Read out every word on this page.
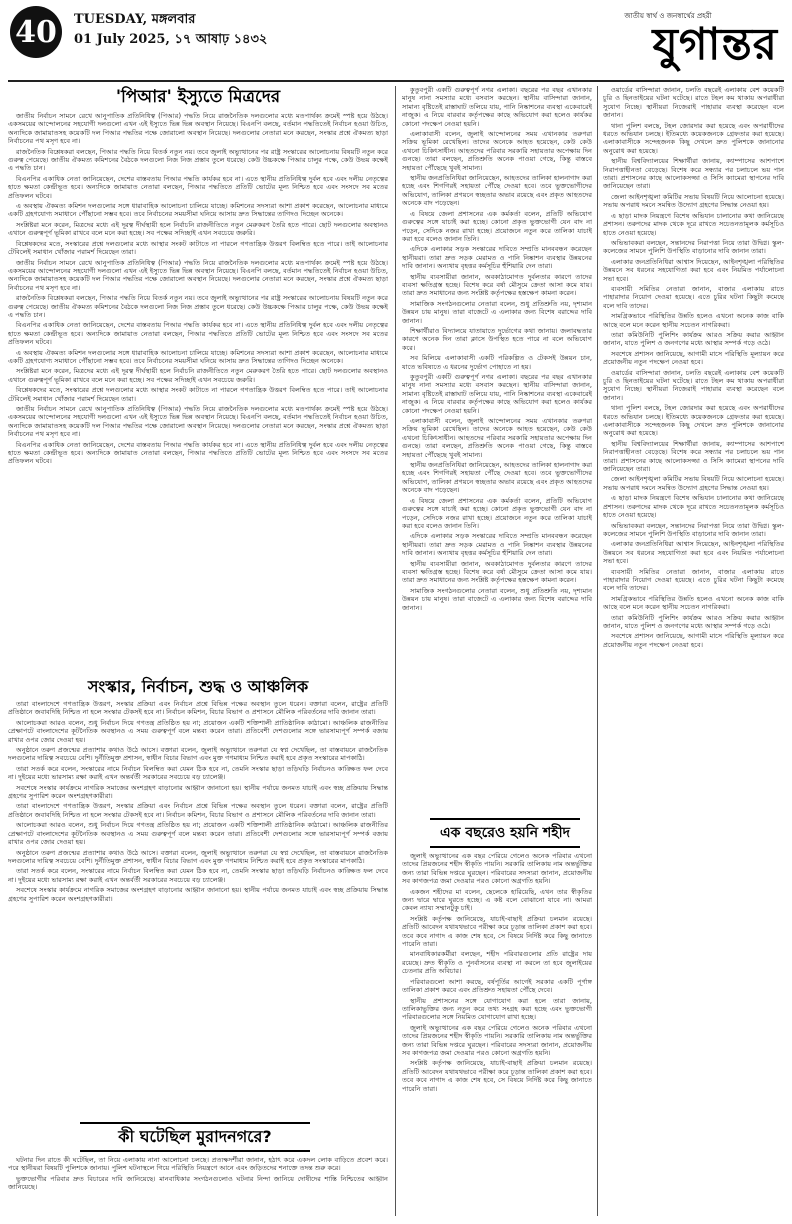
40	TUESDAY, মঙ্গলবার
01 July 2025, ১৭ আষাঢ় ১৪৩২
জাতীয় স্বার্থ ও জনস্বার্থের প্রহরী
যুগান্তর
'পিআর' ইস্যুতে মিত্রদের

জাতীয় নির্বাচন সামনে রেখে আনুপাতিক প্রতিনিধিত্ব (পিআর) পদ্ধতি নিয়ে রাজনৈতিক দলগুলোর মধ্যে মতপার্থক্য ক্রমেই স্পষ্ট হয়ে উঠছে। একসময়ের আন্দোলনের সহযোগী দলগুলো এখন এই ইস্যুতে ভিন্ন ভিন্ন অবস্থান নিয়েছে। বিএনপি বলছে, বর্তমান পদ্ধতিতেই নির্বাচন হওয়া উচিত, অন্যদিকে জামায়াতসহ কয়েকটি দল পিআর পদ্ধতির পক্ষে জোরালো অবস্থান নিয়েছে। দলগুলোর নেতারা মনে করছেন, সংস্কার প্রশ্নে ঐকমত্য ছাড়া নির্বাচনের পথ মসৃণ হবে না।

রাজনৈতিক বিশ্লেষকরা বলছেন, পিআর পদ্ধতি নিয়ে বিতর্ক নতুন নয়। তবে জুলাই অভ্যুত্থানের পর রাষ্ট্র সংস্কারের আলোচনায় বিষয়টি নতুন করে গুরুত্ব পেয়েছে। জাতীয় ঐকমত্য কমিশনের বৈঠকে দলগুলো নিজ নিজ প্রস্তাব তুলে ধরেছে। কেউ উচ্চকক্ষে পিআর চালুর পক্ষে, কেউ উভয় কক্ষেই এ পদ্ধতি চান।

বিএনপির একাধিক নেতা জানিয়েছেন, দেশের বাস্তবতায় পিআর পদ্ধতি কার্যকর হবে না। এতে স্থানীয় প্রতিনিধিত্ব দুর্বল হবে এবং দলীয় নেতৃত্বের হাতে ক্ষমতা কেন্দ্রীভূত হবে। অন্যদিকে জামায়াত নেতারা বলছেন, পিআর পদ্ধতিতে প্রতিটি ভোটের মূল্য নিশ্চিত হবে এবং সংসদে সব মতের প্রতিফলন ঘটবে।

এ অবস্থায় ঐকমত্য কমিশন দলগুলোর সঙ্গে ধারাবাহিক আলোচনা চালিয়ে যাচ্ছে। কমিশনের সদস্যরা আশা প্রকাশ করেছেন, আলোচনার মাধ্যমে একটি গ্রহণযোগ্য সমাধানে পৌঁছানো সম্ভব হবে। তবে নির্বাচনের সময়সীমা ঘনিয়ে আসায় দ্রুত সিদ্ধান্তের তাগিদও দিচ্ছেন অনেকে।

সংশ্লিষ্টরা মনে করেন, মিত্রদের মধ্যে এই দূরত্ব দীর্ঘস্থায়ী হলে নির্বাচনি রাজনীতিতে নতুন মেরুকরণ তৈরি হতে পারে। ছোট দলগুলোর অবস্থানও এখানে গুরুত্বপূর্ণ ভূমিকা রাখবে বলে মনে করা হচ্ছে। সব পক্ষের সদিচ্ছাই এখন সবচেয়ে জরুরি।

বিশ্লেষকদের মতে, সংস্কারের প্রশ্নে দলগুলোর মধ্যে আস্থার সংকট কাটাতে না পারলে গণতান্ত্রিক উত্তরণ বিলম্বিত হতে পারে। তাই আলোচনার টেবিলেই সমাধান খোঁজার পরামর্শ দিয়েছেন তারা।

জাতীয় নির্বাচন সামনে রেখে আনুপাতিক প্রতিনিধিত্ব (পিআর) পদ্ধতি নিয়ে রাজনৈতিক দলগুলোর মধ্যে মতপার্থক্য ক্রমেই স্পষ্ট হয়ে উঠছে। একসময়ের আন্দোলনের সহযোগী দলগুলো এখন এই ইস্যুতে ভিন্ন ভিন্ন অবস্থান নিয়েছে। বিএনপি বলছে, বর্তমান পদ্ধতিতেই নির্বাচন হওয়া উচিত, অন্যদিকে জামায়াতসহ কয়েকটি দল পিআর পদ্ধতির পক্ষে জোরালো অবস্থান নিয়েছে। দলগুলোর নেতারা মনে করছেন, সংস্কার প্রশ্নে ঐকমত্য ছাড়া নির্বাচনের পথ মসৃণ হবে না।

রাজনৈতিক বিশ্লেষকরা বলছেন, পিআর পদ্ধতি নিয়ে বিতর্ক নতুন নয়। তবে জুলাই অভ্যুত্থানের পর রাষ্ট্র সংস্কারের আলোচনায় বিষয়টি নতুন করে গুরুত্ব পেয়েছে। জাতীয় ঐকমত্য কমিশনের বৈঠকে দলগুলো নিজ নিজ প্রস্তাব তুলে ধরেছে। কেউ উচ্চকক্ষে পিআর চালুর পক্ষে, কেউ উভয় কক্ষেই এ পদ্ধতি চান।

বিএনপির একাধিক নেতা জানিয়েছেন, দেশের বাস্তবতায় পিআর পদ্ধতি কার্যকর হবে না। এতে স্থানীয় প্রতিনিধিত্ব দুর্বল হবে এবং দলীয় নেতৃত্বের হাতে ক্ষমতা কেন্দ্রীভূত হবে। অন্যদিকে জামায়াত নেতারা বলছেন, পিআর পদ্ধতিতে প্রতিটি ভোটের মূল্য নিশ্চিত হবে এবং সংসদে সব মতের প্রতিফলন ঘটবে।

এ অবস্থায় ঐকমত্য কমিশন দলগুলোর সঙ্গে ধারাবাহিক আলোচনা চালিয়ে যাচ্ছে। কমিশনের সদস্যরা আশা প্রকাশ করেছেন, আলোচনার মাধ্যমে একটি গ্রহণযোগ্য সমাধানে পৌঁছানো সম্ভব হবে। তবে নির্বাচনের সময়সীমা ঘনিয়ে আসায় দ্রুত সিদ্ধান্তের তাগিদও দিচ্ছেন অনেকে।

সংশ্লিষ্টরা মনে করেন, মিত্রদের মধ্যে এই দূরত্ব দীর্ঘস্থায়ী হলে নির্বাচনি রাজনীতিতে নতুন মেরুকরণ তৈরি হতে পারে। ছোট দলগুলোর অবস্থানও এখানে গুরুত্বপূর্ণ ভূমিকা রাখবে বলে মনে করা হচ্ছে। সব পক্ষের সদিচ্ছাই এখন সবচেয়ে জরুরি।

বিশ্লেষকদের মতে, সংস্কারের প্রশ্নে দলগুলোর মধ্যে আস্থার সংকট কাটাতে না পারলে গণতান্ত্রিক উত্তরণ বিলম্বিত হতে পারে। তাই আলোচনার টেবিলেই সমাধান খোঁজার পরামর্শ দিয়েছেন তারা।

জাতীয় নির্বাচন সামনে রেখে আনুপাতিক প্রতিনিধিত্ব (পিআর) পদ্ধতি নিয়ে রাজনৈতিক দলগুলোর মধ্যে মতপার্থক্য ক্রমেই স্পষ্ট হয়ে উঠছে। একসময়ের আন্দোলনের সহযোগী দলগুলো এখন এই ইস্যুতে ভিন্ন ভিন্ন অবস্থান নিয়েছে। বিএনপি বলছে, বর্তমান পদ্ধতিতেই নির্বাচন হওয়া উচিত, অন্যদিকে জামায়াতসহ কয়েকটি দল পিআর পদ্ধতির পক্ষে জোরালো অবস্থান নিয়েছে। দলগুলোর নেতারা মনে করছেন, সংস্কার প্রশ্নে ঐকমত্য ছাড়া নির্বাচনের পথ মসৃণ হবে না।

বিএনপির একাধিক নেতা জানিয়েছেন, দেশের বাস্তবতায় পিআর পদ্ধতি কার্যকর হবে না। এতে স্থানীয় প্রতিনিধিত্ব দুর্বল হবে এবং দলীয় নেতৃত্বের হাতে ক্ষমতা কেন্দ্রীভূত হবে। অন্যদিকে জামায়াত নেতারা বলছেন, পিআর পদ্ধতিতে প্রতিটি ভোটের মূল্য নিশ্চিত হবে এবং সংসদে সব মতের প্রতিফলন ঘটবে।

সংস্কার, নির্বাচন, শুদ্ধ ও আঞ্চলিক

তারা বাংলাদেশে গণতান্ত্রিক উত্তরণ, সংস্কার প্রক্রিয়া এবং নির্বাচন প্রশ্নে বিভিন্ন পক্ষের অবস্থান তুলে ধরেন। বক্তারা বলেন, রাষ্ট্রের প্রতিটি প্রতিষ্ঠানে জবাবদিহি নিশ্চিত না হলে সংস্কার টেকসই হবে না। নির্বাচন কমিশন, বিচার বিভাগ ও প্রশাসনে মৌলিক পরিবর্তনের দাবি জানান তারা।

আলোচকরা আরও বলেন, শুধু নির্বাচন দিয়ে গণতন্ত্র প্রতিষ্ঠিত হয় না; প্রয়োজন একটি শক্তিশালী প্রাতিষ্ঠানিক কাঠামো। আঞ্চলিক রাজনীতির প্রেক্ষাপটে বাংলাদেশের কূটনৈতিক অবস্থানও এ সময় গুরুত্বপূর্ণ বলে মন্তব্য করেন তারা। প্রতিবেশী দেশগুলোর সঙ্গে ভারসাম্যপূর্ণ সম্পর্ক বজায় রাখার ওপর জোর দেওয়া হয়।

অনুষ্ঠানে তরুণ প্রজন্মের প্রত্যাশার কথাও উঠে আসে। বক্তারা বলেন, জুলাই অভ্যুত্থানে তরুণরা যে স্বপ্ন দেখেছিল, তা বাস্তবায়নে রাজনৈতিক দলগুলোর দায়িত্ব সবচেয়ে বেশি। দুর্নীতিমুক্ত প্রশাসন, স্বাধীন বিচার বিভাগ এবং মুক্ত গণমাধ্যম নিশ্চিত করাই হবে প্রকৃত সংস্কারের মাপকাঠি।

তারা সতর্ক করে বলেন, সংস্কারের নামে নির্বাচন বিলম্বিত করা যেমন ঠিক হবে না, তেমনি সংস্কার ছাড়া তড়িঘড়ি নির্বাচনও কাঙ্ক্ষিত ফল দেবে না। দুইয়ের মধ্যে ভারসাম্য রক্ষা করাই এখন অন্তর্বর্তী সরকারের সবচেয়ে বড় চ্যালেঞ্জ।

সবশেষে সংস্কার কার্যক্রমে নাগরিক সমাজের অংশগ্রহণ বাড়ানোর আহ্বান জানানো হয়। স্থানীয় পর্যায়ে জনমত যাচাই এবং স্বচ্ছ প্রক্রিয়ায় সিদ্ধান্ত গ্রহণের সুপারিশ করেন অংশগ্রহণকারীরা।

তারা বাংলাদেশে গণতান্ত্রিক উত্তরণ, সংস্কার প্রক্রিয়া এবং নির্বাচন প্রশ্নে বিভিন্ন পক্ষের অবস্থান তুলে ধরেন। বক্তারা বলেন, রাষ্ট্রের প্রতিটি প্রতিষ্ঠানে জবাবদিহি নিশ্চিত না হলে সংস্কার টেকসই হবে না। নির্বাচন কমিশন, বিচার বিভাগ ও প্রশাসনে মৌলিক পরিবর্তনের দাবি জানান তারা।

আলোচকরা আরও বলেন, শুধু নির্বাচন দিয়ে গণতন্ত্র প্রতিষ্ঠিত হয় না; প্রয়োজন একটি শক্তিশালী প্রাতিষ্ঠানিক কাঠামো। আঞ্চলিক রাজনীতির প্রেক্ষাপটে বাংলাদেশের কূটনৈতিক অবস্থানও এ সময় গুরুত্বপূর্ণ বলে মন্তব্য করেন তারা। প্রতিবেশী দেশগুলোর সঙ্গে ভারসাম্যপূর্ণ সম্পর্ক বজায় রাখার ওপর জোর দেওয়া হয়।

অনুষ্ঠানে তরুণ প্রজন্মের প্রত্যাশার কথাও উঠে আসে। বক্তারা বলেন, জুলাই অভ্যুত্থানে তরুণরা যে স্বপ্ন দেখেছিল, তা বাস্তবায়নে রাজনৈতিক দলগুলোর দায়িত্ব সবচেয়ে বেশি। দুর্নীতিমুক্ত প্রশাসন, স্বাধীন বিচার বিভাগ এবং মুক্ত গণমাধ্যম নিশ্চিত করাই হবে প্রকৃত সংস্কারের মাপকাঠি।

তারা সতর্ক করে বলেন, সংস্কারের নামে নির্বাচন বিলম্বিত করা যেমন ঠিক হবে না, তেমনি সংস্কার ছাড়া তড়িঘড়ি নির্বাচনও কাঙ্ক্ষিত ফল দেবে না। দুইয়ের মধ্যে ভারসাম্য রক্ষা করাই এখন অন্তর্বর্তী সরকারের সবচেয়ে বড় চ্যালেঞ্জ।

সবশেষে সংস্কার কার্যক্রমে নাগরিক সমাজের অংশগ্রহণ বাড়ানোর আহ্বান জানানো হয়। স্থানীয় পর্যায়ে জনমত যাচাই এবং স্বচ্ছ প্রক্রিয়ায় সিদ্ধান্ত গ্রহণের সুপারিশ করেন অংশগ্রহণকারীরা।

কী ঘটেছিল মুরাদনগরে?

ঘটনার দিন রাতে কী ঘটেছিল, তা নিয়ে এলাকায় নানা আলোচনা চলছে। প্রত্যক্ষদর্শীরা জানান, হঠাৎ করে একদল লোক বাড়িতে প্রবেশ করে। পরে স্থানীয়রা বিষয়টি পুলিশকে জানায়। পুলিশ ঘটনাস্থলে গিয়ে পরিস্থিতি নিয়ন্ত্রণে আনে এবং জড়িতদের শনাক্তে তদন্ত শুরু করে।

ভুক্তভোগীর পরিবার দ্রুত বিচারের দাবি জানিয়েছে। মানবাধিকার সংগঠনগুলোও ঘটনার নিন্দা জানিয়ে দোষীদের শাস্তি নিশ্চিতের আহ্বান জানিয়েছে।

কুতুবপুরী একটি গুরুত্বপূর্ণ নগর এলাকা। বছরের পর বছর এখানকার মানুষ নানা সমস্যার মধ্যে বসবাস করছেন। স্থানীয় বাসিন্দারা জানান, সামান্য বৃষ্টিতেই রাস্তাঘাট তলিয়ে যায়, পানি নিষ্কাশনের ব্যবস্থা একেবারেই নাজুক। এ নিয়ে বারবার কর্তৃপক্ষের কাছে অভিযোগ করা হলেও কার্যকর কোনো পদক্ষেপ নেওয়া হয়নি।

এলাকাবাসী বলেন, জুলাই আন্দোলনের সময় এখানকার তরুণরা সক্রিয় ভূমিকা রেখেছিল। তাদের অনেকে আহত হয়েছেন, কেউ কেউ এখনো চিকিৎসাধীন। আহতদের পরিবার সরকারি সহায়তার অপেক্ষায় দিন গুনছে। তারা বলছেন, প্রতিশ্রুতি অনেক পাওয়া গেছে, কিন্তু বাস্তবে সহায়তা পৌঁছেছে খুবই সামান্য।

স্থানীয় জনপ্রতিনিধিরা জানিয়েছেন, আহতদের তালিকা হালনাগাদ করা হচ্ছে এবং শিগগিরই সহায়তা পৌঁছে দেওয়া হবে। তবে ভুক্তভোগীদের অভিযোগ, তালিকা প্রণয়নে স্বচ্ছতার অভাব রয়েছে এবং প্রকৃত আহতদের অনেকে বাদ পড়েছেন।

এ বিষয়ে জেলা প্রশাসনের এক কর্মকর্তা বলেন, প্রতিটি অভিযোগ গুরুত্বের সঙ্গে যাচাই করা হচ্ছে। কোনো প্রকৃত ভুক্তভোগী যেন বাদ না পড়েন, সেদিকে নজর রাখা হচ্ছে। প্রয়োজনে নতুন করে তালিকা যাচাই করা হবে বলেও জানান তিনি।

এদিকে এলাকার সড়ক সংস্কারের দাবিতে সম্প্রতি মানববন্ধন করেছেন স্থানীয়রা। তারা দ্রুত সড়ক মেরামত ও পানি নিষ্কাশন ব্যবস্থার উন্নয়নের দাবি জানান। অন্যথায় বৃহত্তর কর্মসূচির হুঁশিয়ারি দেন তারা।

স্থানীয় ব্যবসায়ীরা জানান, অবকাঠামোগত দুর্বলতার কারণে তাদের ব্যবসা ক্ষতিগ্রস্ত হচ্ছে। বিশেষ করে বর্ষা মৌসুমে ক্রেতা আসা কমে যায়। তারা দ্রুত সমাধানের জন্য সংশ্লিষ্ট কর্তৃপক্ষের হস্তক্ষেপ কামনা করেন।

সামাজিক সংগঠনগুলোর নেতারা বলেন, শুধু প্রতিশ্রুতি নয়, দৃশ্যমান উন্নয়ন চায় মানুষ। তারা বাজেটে এ এলাকার জন্য বিশেষ বরাদ্দের দাবি জানান।

শিক্ষার্থীরাও বিদ্যালয়ে যাতায়াতে দুর্ভোগের কথা জানায়। জলাবদ্ধতার কারণে অনেক দিন তারা ক্লাসে উপস্থিত হতে পারে না বলে অভিযোগ করে।

সব মিলিয়ে এলাকাবাসী একটি পরিকল্পিত ও টেকসই উন্নয়ন চান, যাতে ভবিষ্যতে এ ধরনের দুর্ভোগ পোহাতে না হয়।

কুতুবপুরী একটি গুরুত্বপূর্ণ নগর এলাকা। বছরের পর বছর এখানকার মানুষ নানা সমস্যার মধ্যে বসবাস করছেন। স্থানীয় বাসিন্দারা জানান, সামান্য বৃষ্টিতেই রাস্তাঘাট তলিয়ে যায়, পানি নিষ্কাশনের ব্যবস্থা একেবারেই নাজুক। এ নিয়ে বারবার কর্তৃপক্ষের কাছে অভিযোগ করা হলেও কার্যকর কোনো পদক্ষেপ নেওয়া হয়নি।

এলাকাবাসী বলেন, জুলাই আন্দোলনের সময় এখানকার তরুণরা সক্রিয় ভূমিকা রেখেছিল। তাদের অনেকে আহত হয়েছেন, কেউ কেউ এখনো চিকিৎসাধীন। আহতদের পরিবার সরকারি সহায়তার অপেক্ষায় দিন গুনছে। তারা বলছেন, প্রতিশ্রুতি অনেক পাওয়া গেছে, কিন্তু বাস্তবে সহায়তা পৌঁছেছে খুবই সামান্য।

স্থানীয় জনপ্রতিনিধিরা জানিয়েছেন, আহতদের তালিকা হালনাগাদ করা হচ্ছে এবং শিগগিরই সহায়তা পৌঁছে দেওয়া হবে। তবে ভুক্তভোগীদের অভিযোগ, তালিকা প্রণয়নে স্বচ্ছতার অভাব রয়েছে এবং প্রকৃত আহতদের অনেকে বাদ পড়েছেন।

এ বিষয়ে জেলা প্রশাসনের এক কর্মকর্তা বলেন, প্রতিটি অভিযোগ গুরুত্বের সঙ্গে যাচাই করা হচ্ছে। কোনো প্রকৃত ভুক্তভোগী যেন বাদ না পড়েন, সেদিকে নজর রাখা হচ্ছে। প্রয়োজনে নতুন করে তালিকা যাচাই করা হবে বলেও জানান তিনি।

এদিকে এলাকার সড়ক সংস্কারের দাবিতে সম্প্রতি মানববন্ধন করেছেন স্থানীয়রা। তারা দ্রুত সড়ক মেরামত ও পানি নিষ্কাশন ব্যবস্থার উন্নয়নের দাবি জানান। অন্যথায় বৃহত্তর কর্মসূচির হুঁশিয়ারি দেন তারা।

স্থানীয় ব্যবসায়ীরা জানান, অবকাঠামোগত দুর্বলতার কারণে তাদের ব্যবসা ক্ষতিগ্রস্ত হচ্ছে। বিশেষ করে বর্ষা মৌসুমে ক্রেতা আসা কমে যায়। তারা দ্রুত সমাধানের জন্য সংশ্লিষ্ট কর্তৃপক্ষের হস্তক্ষেপ কামনা করেন।

সামাজিক সংগঠনগুলোর নেতারা বলেন, শুধু প্রতিশ্রুতি নয়, দৃশ্যমান উন্নয়ন চায় মানুষ। তারা বাজেটে এ এলাকার জন্য বিশেষ বরাদ্দের দাবি জানান।

এক বছরেও হয়নি শহীদ

জুলাই অভ্যুত্থানের এক বছর পেরিয়ে গেলেও অনেক পরিবার এখনো তাদের প্রিয়জনের শহীদ স্বীকৃতি পায়নি। সরকারি তালিকায় নাম অন্তর্ভুক্তির জন্য তারা বিভিন্ন দপ্তরে ঘুরছেন। পরিবারের সদস্যরা জানান, প্রয়োজনীয় সব কাগজপত্র জমা দেওয়ার পরও কোনো অগ্রগতি হয়নি।

একজন শহীদের মা বলেন, ছেলেকে হারিয়েছি, এখন তার স্বীকৃতির জন্য দ্বারে দ্বারে ঘুরতে হচ্ছে। এ কষ্ট বলে বোঝানো যাবে না। আমরা কেবল ন্যায্য সম্মানটুকু চাই।

সংশ্লিষ্ট কর্তৃপক্ষ জানিয়েছে, যাচাই-বাছাই প্রক্রিয়া চলমান রয়েছে। প্রতিটি আবেদন যথাযথভাবে পরীক্ষা করে চূড়ান্ত তালিকা প্রকাশ করা হবে। তবে কবে নাগাদ এ কাজ শেষ হবে, সে বিষয়ে নির্দিষ্ট করে কিছু জানাতে পারেনি তারা।

মানবাধিকারকর্মীরা বলছেন, শহীদ পরিবারগুলোর প্রতি রাষ্ট্রের দায় রয়েছে। দ্রুত স্বীকৃতি ও পুনর্বাসনের ব্যবস্থা না করলে তা হবে জুলাইয়ের চেতনার প্রতি অবিচার।

পরিবারগুলো আশা করছে, বর্ষপূর্তির আগেই সরকার একটি পূর্ণাঙ্গ তালিকা প্রকাশ করবে এবং প্রতিশ্রুত সহায়তা পৌঁছে দেবে।

স্থানীয় প্রশাসনের সঙ্গে যোগাযোগ করা হলে তারা জানায়, তালিকাভুক্তির জন্য নতুন করে তথ্য সংগ্রহ করা হচ্ছে এবং ভুক্তভোগী পরিবারগুলোর সঙ্গে নিয়মিত যোগাযোগ রাখা হচ্ছে।

জুলাই অভ্যুত্থানের এক বছর পেরিয়ে গেলেও অনেক পরিবার এখনো তাদের প্রিয়জনের শহীদ স্বীকৃতি পায়নি। সরকারি তালিকায় নাম অন্তর্ভুক্তির জন্য তারা বিভিন্ন দপ্তরে ঘুরছেন। পরিবারের সদস্যরা জানান, প্রয়োজনীয় সব কাগজপত্র জমা দেওয়ার পরও কোনো অগ্রগতি হয়নি।

সংশ্লিষ্ট কর্তৃপক্ষ জানিয়েছে, যাচাই-বাছাই প্রক্রিয়া চলমান রয়েছে। প্রতিটি আবেদন যথাযথভাবে পরীক্ষা করে চূড়ান্ত তালিকা প্রকাশ করা হবে। তবে কবে নাগাদ এ কাজ শেষ হবে, সে বিষয়ে নির্দিষ্ট করে কিছু জানাতে পারেনি তারা।

ওয়ার্ডের বাসিন্দারা জানান, চলতি বছরেই এলাকায় বেশ কয়েকটি চুরি ও ছিনতাইয়ের ঘটনা ঘটেছে। রাতে টহল কম থাকায় অপরাধীরা সুযোগ নিচ্ছে। স্থানীয়রা নিজেরাই পাহারার ব্যবস্থা করেছেন বলে জানান।

থানা পুলিশ বলছে, টহল জোরদার করা হয়েছে এবং অপরাধীদের ধরতে অভিযান চলছে। ইতিমধ্যে কয়েকজনকে গ্রেফতার করা হয়েছে। এলাকাবাসীকে সন্দেহজনক কিছু দেখলে দ্রুত পুলিশকে জানানোর অনুরোধ করা হয়েছে।

স্থানীয় বিশ্ববিদ্যালয়ের শিক্ষার্থীরা জানায়, ক্যাম্পাসের আশপাশে নিরাপত্তাহীনতা বেড়েছে। বিশেষ করে সন্ধ্যার পর চলাচলে ভয় পান তারা। প্রশাসনের কাছে আলোকসজ্জা ও সিসি ক্যামেরা স্থাপনের দাবি জানিয়েছেন তারা।

জেলা আইনশৃঙ্খলা কমিটির সভায় বিষয়টি নিয়ে আলোচনা হয়েছে। সভায় অপরাধ দমনে সমন্বিত উদ্যোগ গ্রহণের সিদ্ধান্ত নেওয়া হয়।

এ ছাড়া মাদক নিয়ন্ত্রণে বিশেষ অভিযান চালানোর কথা জানিয়েছে প্রশাসন। তরুণদের মাদক থেকে দূরে রাখতে সচেতনতামূলক কর্মসূচিও হাতে নেওয়া হয়েছে।

অভিভাবকরা বলছেন, সন্তানদের নিরাপত্তা নিয়ে তারা উদ্বিগ্ন। স্কুল-কলেজের সামনে পুলিশি উপস্থিতি বাড়ানোর দাবি জানান তারা।

এলাকার জনপ্রতিনিধিরা আশ্বাস দিয়েছেন, আইনশৃঙ্খলা পরিস্থিতির উন্নয়নে সব ধরনের সহযোগিতা করা হবে এবং নিয়মিত পর্যালোচনা সভা হবে।

ব্যবসায়ী সমিতির নেতারা জানান, বাজার এলাকায় রাতে পাহারাদার নিয়োগ দেওয়া হয়েছে। এতে চুরির ঘটনা কিছুটা কমেছে বলে দাবি তাদের।

সামগ্রিকভাবে পরিস্থিতির উন্নতি হলেও এখনো অনেক কাজ বাকি আছে বলে মনে করেন স্থানীয় সচেতন নাগরিকরা।

তারা কমিউনিটি পুলিশিং কার্যক্রম আরও সক্রিয় করার আহ্বান জানান, যাতে পুলিশ ও জনগণের মধ্যে আস্থার সম্পর্ক গড়ে ওঠে।

সবশেষে প্রশাসন জানিয়েছে, আগামী মাসে পরিস্থিতি মূল্যায়ন করে প্রয়োজনীয় নতুন পদক্ষেপ নেওয়া হবে।

ওয়ার্ডের বাসিন্দারা জানান, চলতি বছরেই এলাকায় বেশ কয়েকটি চুরি ও ছিনতাইয়ের ঘটনা ঘটেছে। রাতে টহল কম থাকায় অপরাধীরা সুযোগ নিচ্ছে। স্থানীয়রা নিজেরাই পাহারার ব্যবস্থা করেছেন বলে জানান।

থানা পুলিশ বলছে, টহল জোরদার করা হয়েছে এবং অপরাধীদের ধরতে অভিযান চলছে। ইতিমধ্যে কয়েকজনকে গ্রেফতার করা হয়েছে। এলাকাবাসীকে সন্দেহজনক কিছু দেখলে দ্রুত পুলিশকে জানানোর অনুরোধ করা হয়েছে।

স্থানীয় বিশ্ববিদ্যালয়ের শিক্ষার্থীরা জানায়, ক্যাম্পাসের আশপাশে নিরাপত্তাহীনতা বেড়েছে। বিশেষ করে সন্ধ্যার পর চলাচলে ভয় পান তারা। প্রশাসনের কাছে আলোকসজ্জা ও সিসি ক্যামেরা স্থাপনের দাবি জানিয়েছেন তারা।

জেলা আইনশৃঙ্খলা কমিটির সভায় বিষয়টি নিয়ে আলোচনা হয়েছে। সভায় অপরাধ দমনে সমন্বিত উদ্যোগ গ্রহণের সিদ্ধান্ত নেওয়া হয়।

এ ছাড়া মাদক নিয়ন্ত্রণে বিশেষ অভিযান চালানোর কথা জানিয়েছে প্রশাসন। তরুণদের মাদক থেকে দূরে রাখতে সচেতনতামূলক কর্মসূচিও হাতে নেওয়া হয়েছে।

অভিভাবকরা বলছেন, সন্তানদের নিরাপত্তা নিয়ে তারা উদ্বিগ্ন। স্কুল-কলেজের সামনে পুলিশি উপস্থিতি বাড়ানোর দাবি জানান তারা।

এলাকার জনপ্রতিনিধিরা আশ্বাস দিয়েছেন, আইনশৃঙ্খলা পরিস্থিতির উন্নয়নে সব ধরনের সহযোগিতা করা হবে এবং নিয়মিত পর্যালোচনা সভা হবে।

ব্যবসায়ী সমিতির নেতারা জানান, বাজার এলাকায় রাতে পাহারাদার নিয়োগ দেওয়া হয়েছে। এতে চুরির ঘটনা কিছুটা কমেছে বলে দাবি তাদের।

সামগ্রিকভাবে পরিস্থিতির উন্নতি হলেও এখনো অনেক কাজ বাকি আছে বলে মনে করেন স্থানীয় সচেতন নাগরিকরা।

তারা কমিউনিটি পুলিশিং কার্যক্রম আরও সক্রিয় করার আহ্বান জানান, যাতে পুলিশ ও জনগণের মধ্যে আস্থার সম্পর্ক গড়ে ওঠে।

সবশেষে প্রশাসন জানিয়েছে, আগামী মাসে পরিস্থিতি মূল্যায়ন করে প্রয়োজনীয় নতুন পদক্ষেপ নেওয়া হবে।
